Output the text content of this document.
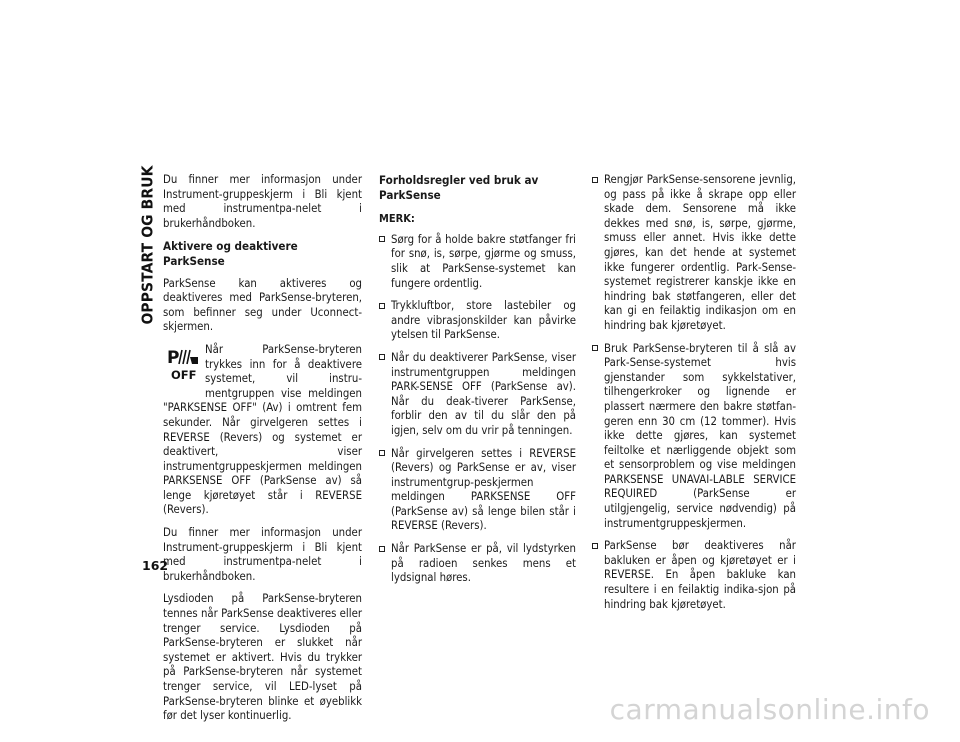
OPPSTART OG BRUK Du finner mer informasjon under Instrument-gruppeskjerm i Bli kjent med instrumentpa-nelet i brukerhåndboken.

Aktivere og deaktivere ParkSense

ParkSense kan aktiveres og deaktiveres med ParkSense-bryteren, som befinner seg under Uconnect-skjermen.

P
OFF
Når ParkSense-bryteren trykkes inn for å deaktivere systemet, vil instru-mentgruppen vise meldingen "PARKSENSE OFF" (Av) i omtrent fem sekunder. Når girvelgeren settes i REVERSE (Revers) og systemet er deaktivert, viser instrumentgruppeskjermen meldingen PARKSENSE OFF (ParkSense av) så lenge kjøretøyet står i REVERSE (Revers).

Du finner mer informasjon under Instrument-gruppeskjerm i Bli kjent med instrumentpa-nelet i brukerhåndboken.

Lysdioden på ParkSense-bryteren tennes når ParkSense deaktiveres eller trenger service. Lysdioden på ParkSense-bryteren er slukket når systemet er aktivert. Hvis du trykker på ParkSense-bryteren når systemet trenger service, vil LED-lyset på ParkSense-bryteren blinke et øyeblikk før det lyser kontinuerlig.

Forholdsregler ved bruk av ParkSense
MERK:
Sørg for å holde bakre støtfanger fri for snø, is, sørpe, gjørme og smuss, slik at ParkSense-systemet kan fungere ordentlig.
Trykkluftbor, store lastebiler og andre vibrasjonskilder kan påvirke ytelsen til ParkSense.
Når du deaktiverer ParkSense, viser instrumentgruppen meldingen PARK-SENSE OFF (ParkSense av). Når du deak-tiverer ParkSense, forblir den av til du slår den på igjen, selv om du vrir på tenningen.
Når girvelgeren settes i REVERSE (Revers) og ParkSense er av, viser instrumentgrup-peskjermen meldingen PARKSENSE OFF (ParkSense av) så lenge bilen står i REVERSE (Revers).
Når ParkSense er på, vil lydstyrken på radioen senkes mens et lydsignal høres.
Rengjør ParkSense-sensorene jevnlig, og pass på ikke å skrape opp eller skade dem. Sensorene må ikke dekkes med snø, is, sørpe, gjørme, smuss eller annet. Hvis ikke dette gjøres, kan det hende at systemet ikke fungerer ordentlig. Park-Sense-systemet registrerer kanskje ikke en hindring bak støtfangeren, eller det kan gi en feilaktig indikasjon om en hindring bak kjøretøyet.
Bruk ParkSense-bryteren til å slå av Park-Sense-systemet hvis gjenstander som sykkelstativer, tilhengerkroker og lignende er plassert nærmere den bakre støtfan-geren enn 30 cm (12 tommer). Hvis ikke dette gjøres, kan systemet feiltolke et nærliggende objekt som et sensorproblem og vise meldingen PARKSENSE UNAVAI-LABLE SERVICE REQUIRED (ParkSense er utilgjengelig, service nødvendig) på instrumentgruppeskjermen.
ParkSense bør deaktiveres når bakluken er åpen og kjøretøyet er i REVERSE. En åpen bakluke kan resultere i en feilaktig indika-sjon på hindring bak kjøretøyet.
162
carmanualsonline.info
